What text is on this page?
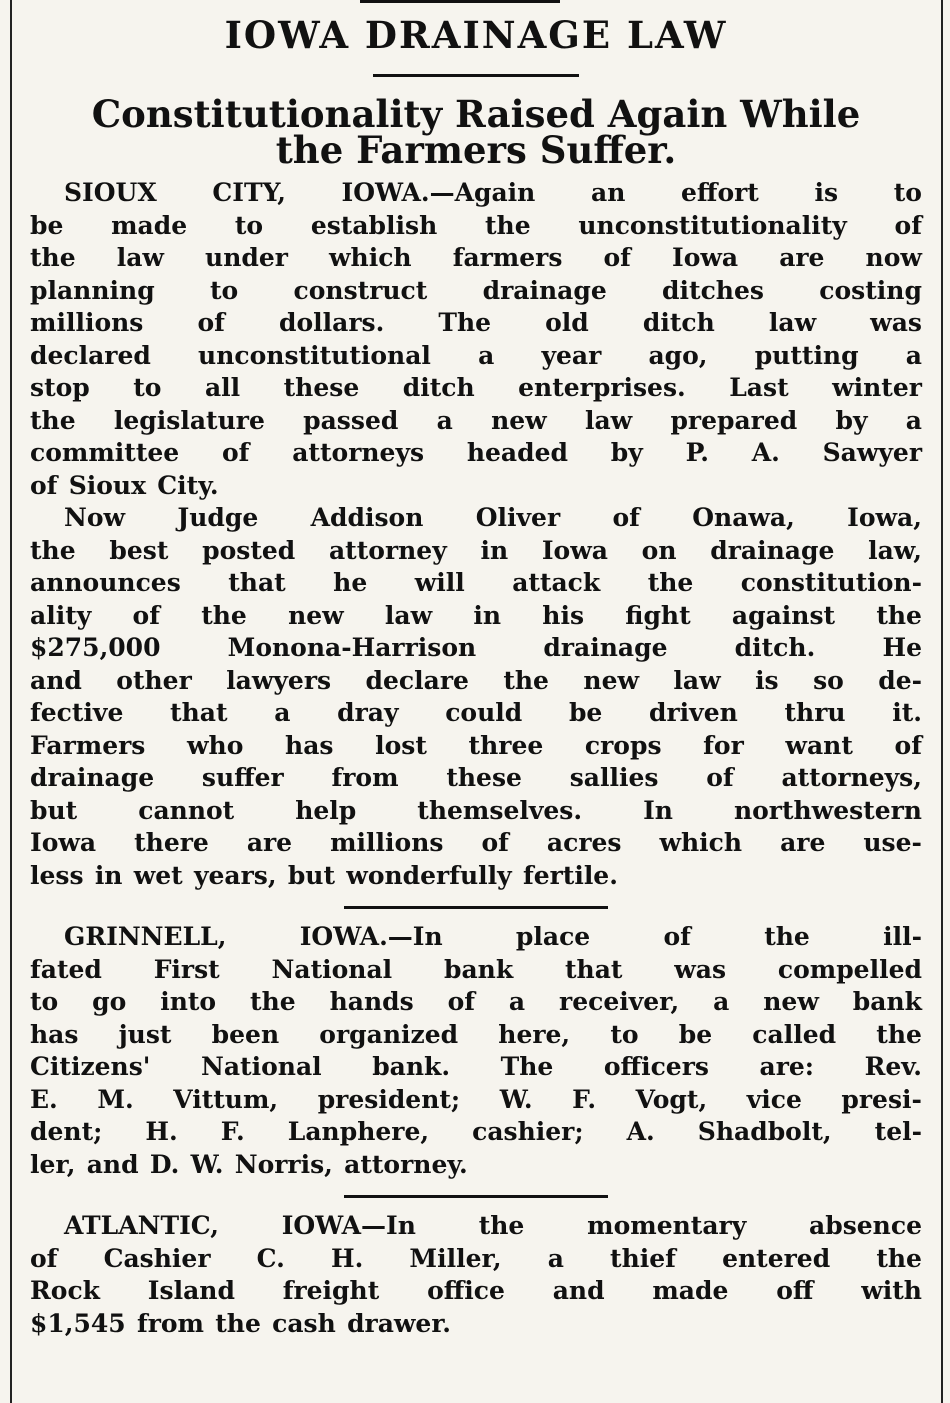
IOWA DRAINAGE LAW
Constitutionality Raised Again While
the Farmers Suffer.
SIOUX CITY, IOWA.—Again an effort is to
be made to establish the unconstitutionality of
the law under which farmers of Iowa are now
planning to construct drainage ditches costing
millions of dollars. The old ditch law was
declared unconstitutional a year ago, putting a
stop to all these ditch enterprises. Last winter
the legislature passed a new law prepared by a
committee of attorneys headed by P. A. Sawyer
of Sioux City.
Now Judge Addison Oliver of Onawa, Iowa,
the best posted attorney in Iowa on drainage law,
announces that he will attack the constitution-
ality of the new law in his fight against the
$275,000	Monona-Harrison	drainage	ditch.	He
and other lawyers declare the new law is so de-
fective that a dray could be driven thru it.
Farmers who has lost three crops for want of
drainage suffer from these sallies of attorneys,
but cannot help themselves. In northwestern
Iowa there are millions of acres which are use-
less in wet years, but wonderfully fertile.
GRINNELL,	IOWA.—In	place	of	the	ill-
fated First National bank that was compelled
to go into the hands of a receiver, a new bank
has just been organized here, to be called the
Citizens' National bank. The officers are: Rev.
E. M. Vittum, president; W. F. Vogt, vice presi-
dent; H. F. Lanphere, cashier; A. Shadbolt, tel-
ler, and D. W. Norris, attorney.
ATLANTIC,	IOWA—In	the	momentary	absence
of Cashier C. H. Miller, a thief entered the
Rock Island freight office and made off with
$1,545 from the cash drawer.
